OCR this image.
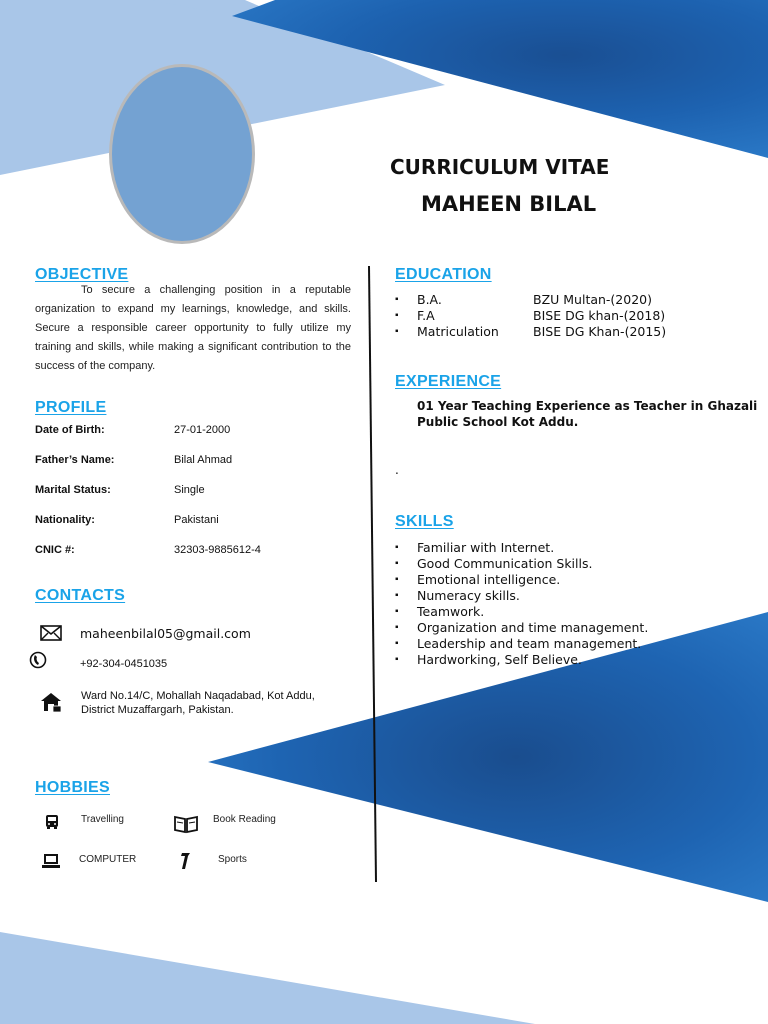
CURRICULUM VITAE
MAHEEN BILAL
OBJECTIVE
To secure a challenging position in a reputable organization to expand my learnings, knowledge, and skills. Secure a responsible career opportunity to fully utilize my training and skills, while making a significant contribution to the success of the company.
PROFILE
Date of Birth:	27-01-2000
Father’s Name:	Bilal Ahmad
Marital Status:	Single
Nationality:	Pakistani
CNIC #:	32303-9885612-4
CONTACTS
maheenbilal05@gmail.com
+92-304-0451035
Ward No.14/C, Mohallah Naqadabad, Kot Addu,
District Muzaffargarh, Pakistan.
HOBBIES
Travelling	Book Reading
COMPUTER	Sports
EDUCATION
▪	B.A.	BZU Multan-(2020)
▪	F.A	BISE DG khan-(2018)
▪	Matriculation	BISE DG Khan-(2015)
EXPERIENCE
01 Year Teaching Experience as Teacher in Ghazali
Public School Kot Addu.
.
SKILLS
▪	Familiar with Internet.
▪	Good Communication Skills.
▪	Emotional intelligence.
▪	Numeracy skills.
▪	Teamwork.
▪	Organization and time management.
▪	Leadership and team management.
▪	Hardworking, Self Believe.
